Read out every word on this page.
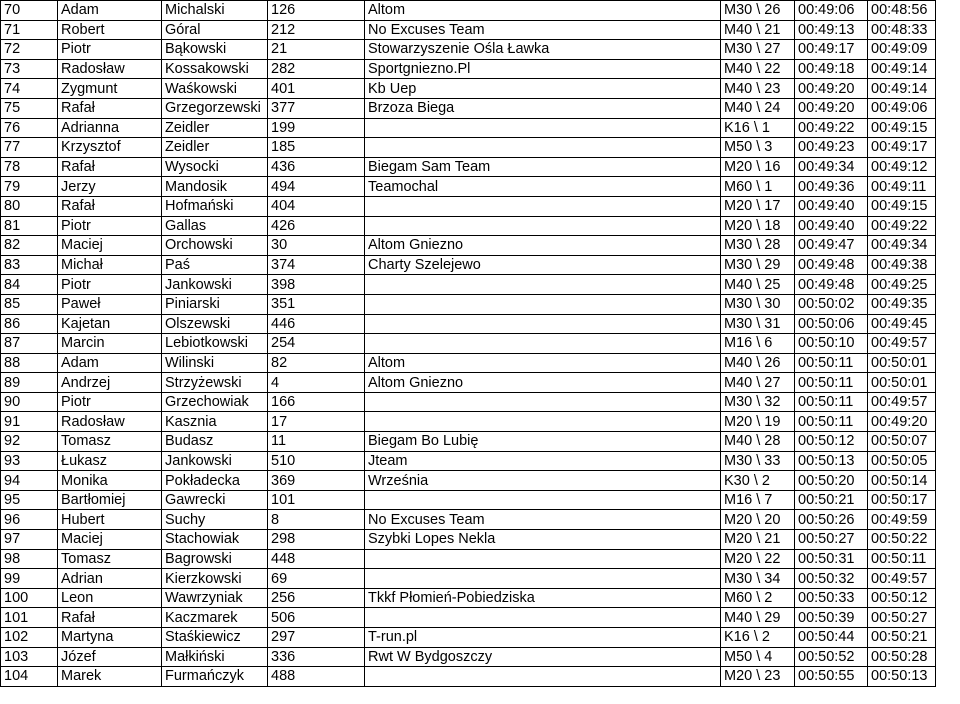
70	Adam	Michalski	126	Altom	M30 \ 26	00:49:06	00:48:56
71	Robert	Góral	212	No Excuses Team	M40 \ 21	00:49:13	00:48:33
72	Piotr	Bąkowski	21	Stowarzyszenie Ośla Ławka	M30 \ 27	00:49:17	00:49:09
73	Radosław	Kossakowski	282	Sportgniezno.Pl	M40 \ 22	00:49:18	00:49:14
74	Zygmunt	Waśkowski	401	Kb Uep	M40 \ 23	00:49:20	00:49:14
75	Rafał	Grzegorzewski	377	Brzoza Biega	M40 \ 24	00:49:20	00:49:06
76	Adrianna	Zeidler	199		K16 \ 1	00:49:22	00:49:15
77	Krzysztof	Zeidler	185		M50 \ 3	00:49:23	00:49:17
78	Rafał	Wysocki	436	Biegam Sam Team	M20 \ 16	00:49:34	00:49:12
79	Jerzy	Mandosik	494	Teamochal	M60 \ 1	00:49:36	00:49:11
80	Rafał	Hofmański	404		M20 \ 17	00:49:40	00:49:15
81	Piotr	Gallas	426		M20 \ 18	00:49:40	00:49:22
82	Maciej	Orchowski	30	Altom Gniezno	M30 \ 28	00:49:47	00:49:34
83	Michał	Paś	374	Charty Szelejewo	M30 \ 29	00:49:48	00:49:38
84	Piotr	Jankowski	398		M40 \ 25	00:49:48	00:49:25
85	Paweł	Piniarski	351		M30 \ 30	00:50:02	00:49:35
86	Kajetan	Olszewski	446		M30 \ 31	00:50:06	00:49:45
87	Marcin	Lebiotkowski	254		M16 \ 6	00:50:10	00:49:57
88	Adam	Wilinski	82	Altom	M40 \ 26	00:50:11	00:50:01
89	Andrzej	Strzyżewski	4	Altom Gniezno	M40 \ 27	00:50:11	00:50:01
90	Piotr	Grzechowiak	166		M30 \ 32	00:50:11	00:49:57
91	Radosław	Kasznia	17		M20 \ 19	00:50:11	00:49:20
92	Tomasz	Budasz	11	Biegam Bo Lubię	M40 \ 28	00:50:12	00:50:07
93	Łukasz	Jankowski	510	Jteam	M30 \ 33	00:50:13	00:50:05
94	Monika	Pokładecka	369	Września	K30 \ 2	00:50:20	00:50:14
95	Bartłomiej	Gawrecki	101		M16 \ 7	00:50:21	00:50:17
96	Hubert	Suchy	8	No Excuses Team	M20 \ 20	00:50:26	00:49:59
97	Maciej	Stachowiak	298	Szybki Lopes Nekla	M20 \ 21	00:50:27	00:50:22
98	Tomasz	Bagrowski	448		M20 \ 22	00:50:31	00:50:11
99	Adrian	Kierzkowski	69		M30 \ 34	00:50:32	00:49:57
100	Leon	Wawrzyniak	256	Tkkf Płomień-Pobiedziska	M60 \ 2	00:50:33	00:50:12
101	Rafał	Kaczmarek	506		M40 \ 29	00:50:39	00:50:27
102	Martyna	Staśkiewicz	297	T-run.pl	K16 \ 2	00:50:44	00:50:21
103	Józef	Małkiński	336	Rwt W Bydgoszczy	M50 \ 4	00:50:52	00:50:28
104	Marek	Furmańczyk	488		M20 \ 23	00:50:55	00:50:13
